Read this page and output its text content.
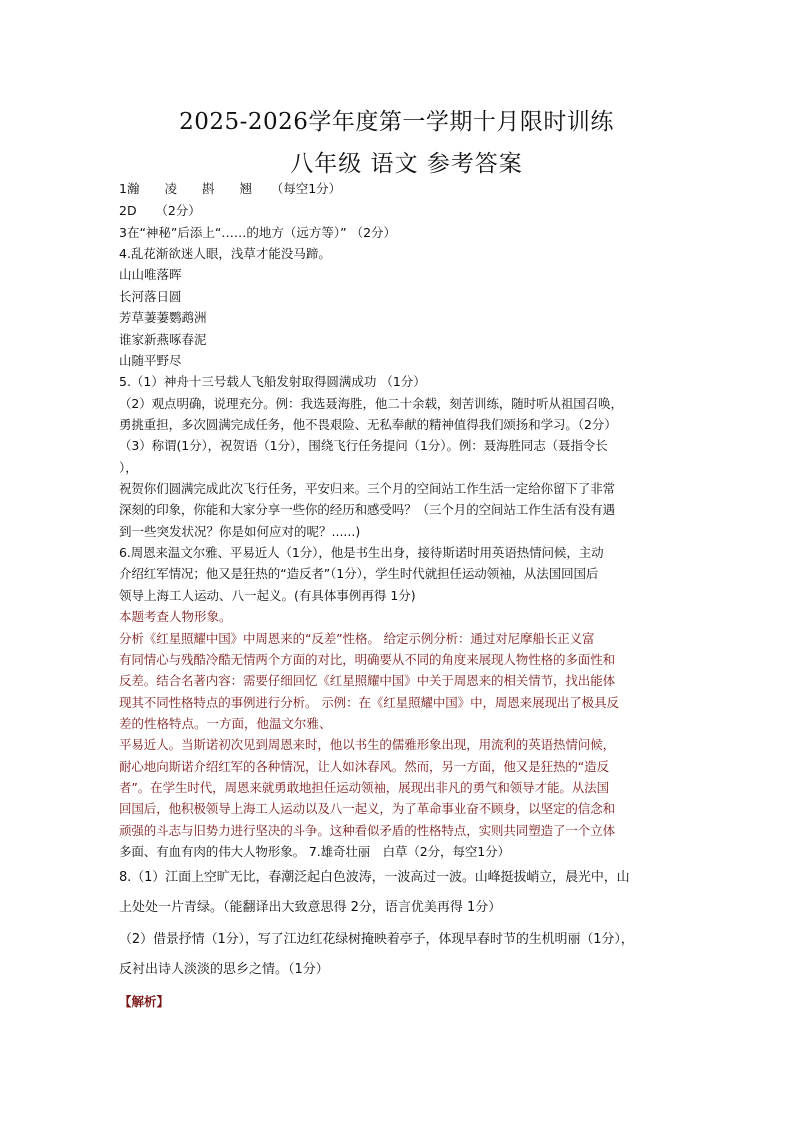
2025-2026学年度第一学期十月限时训练
八年级 语文 参考答案
1瀚　　凌　　斟　　翘　　（每空1分）
2D　　（2分）
3在“神秘”后添上“……的地方（远方等）” （2分）
4.乱花渐欲迷人眼，浅草才能没马蹄。
山山唯落晖
长河落日圆
芳草萋萋鹦鹉洲
谁家新燕啄春泥
山随平野尽
5.（1）神舟十三号载人飞船发射取得圆满成功 （1分）
（2）观点明确，说理充分。例：我选聂海胜，他二十余载，刻苦训练，随时听从祖国召唤，
勇挑重担，多次圆满完成任务，他不畏艰险、无私奉献的精神值得我们颂扬和学习。（2分）
（3）称谓(1分），祝贺语（1分），围绕飞行任务提问（1分）。例：聂海胜同志（聂指令长
），
祝贺你们圆满完成此次飞行任务，平安归来。三个月的空间站工作生活一定给你留下了非常
深刻的印象，你能和大家分享一些你的经历和感受吗？（三个月的空间站工作生活有没有遇
到一些突发状况？你是如何应对的呢？......)
6.周恩来温文尔雅、平易近人（1分），他是书生出身，接待斯诺时用英语热情问候，主动
介绍红军情况；他又是狂热的“造反者”（1分），学生时代就担任运动领袖，从法国回国后
领导上海工人运动、八一起义。(有具体事例再得 1分)
本题考查人物形象。
分析《红星照耀中国》中周恩来的“反差”性格。 给定示例分析：通过对尼摩船长正义富
有同情心与残酷冷酷无情两个方面的对比，明确要从不同的角度来展现人物性格的多面性和
反差。结合名著内容：需要仔细回忆《红星照耀中国》中关于周恩来的相关情节，找出能体
现其不同性格特点的事例进行分析。 示例：在《红星照耀中国》中，周恩来展现出了极具反
差的性格特点。一方面，他温文尔雅、
平易近人。当斯诺初次见到周恩来时，他以书生的儒雅形象出现，用流利的英语热情问候，
耐心地向斯诺介绍红军的各种情况，让人如沐春风。然而，另一方面，他又是狂热的“造反
者”。在学生时代，周恩来就勇敢地担任运动领袖，展现出非凡的勇气和领导才能。从法国
回国后，他积极领导上海工人运动以及八一起义，为了革命事业奋不顾身，以坚定的信念和
顽强的斗志与旧势力进行坚决的斗争。这种看似矛盾的性格特点，实则共同塑造了一个立体
多面、有血有肉的伟大人物形象。 7.雄奇壮丽　白草（2分，每空1分）
8.（1）江面上空旷无比，春潮泛起白色波涛，一波高过一波。山峰挺拔峭立，晨光中，山
上处处一片青绿。（能翻译出大致意思得 2分，语言优美再得 1分）
（2）借景抒情（1分），写了江边红花绿树掩映着亭子，体现早春时节的生机明丽（1分），
反衬出诗人淡淡的思乡之情。（1分）
【解析】
